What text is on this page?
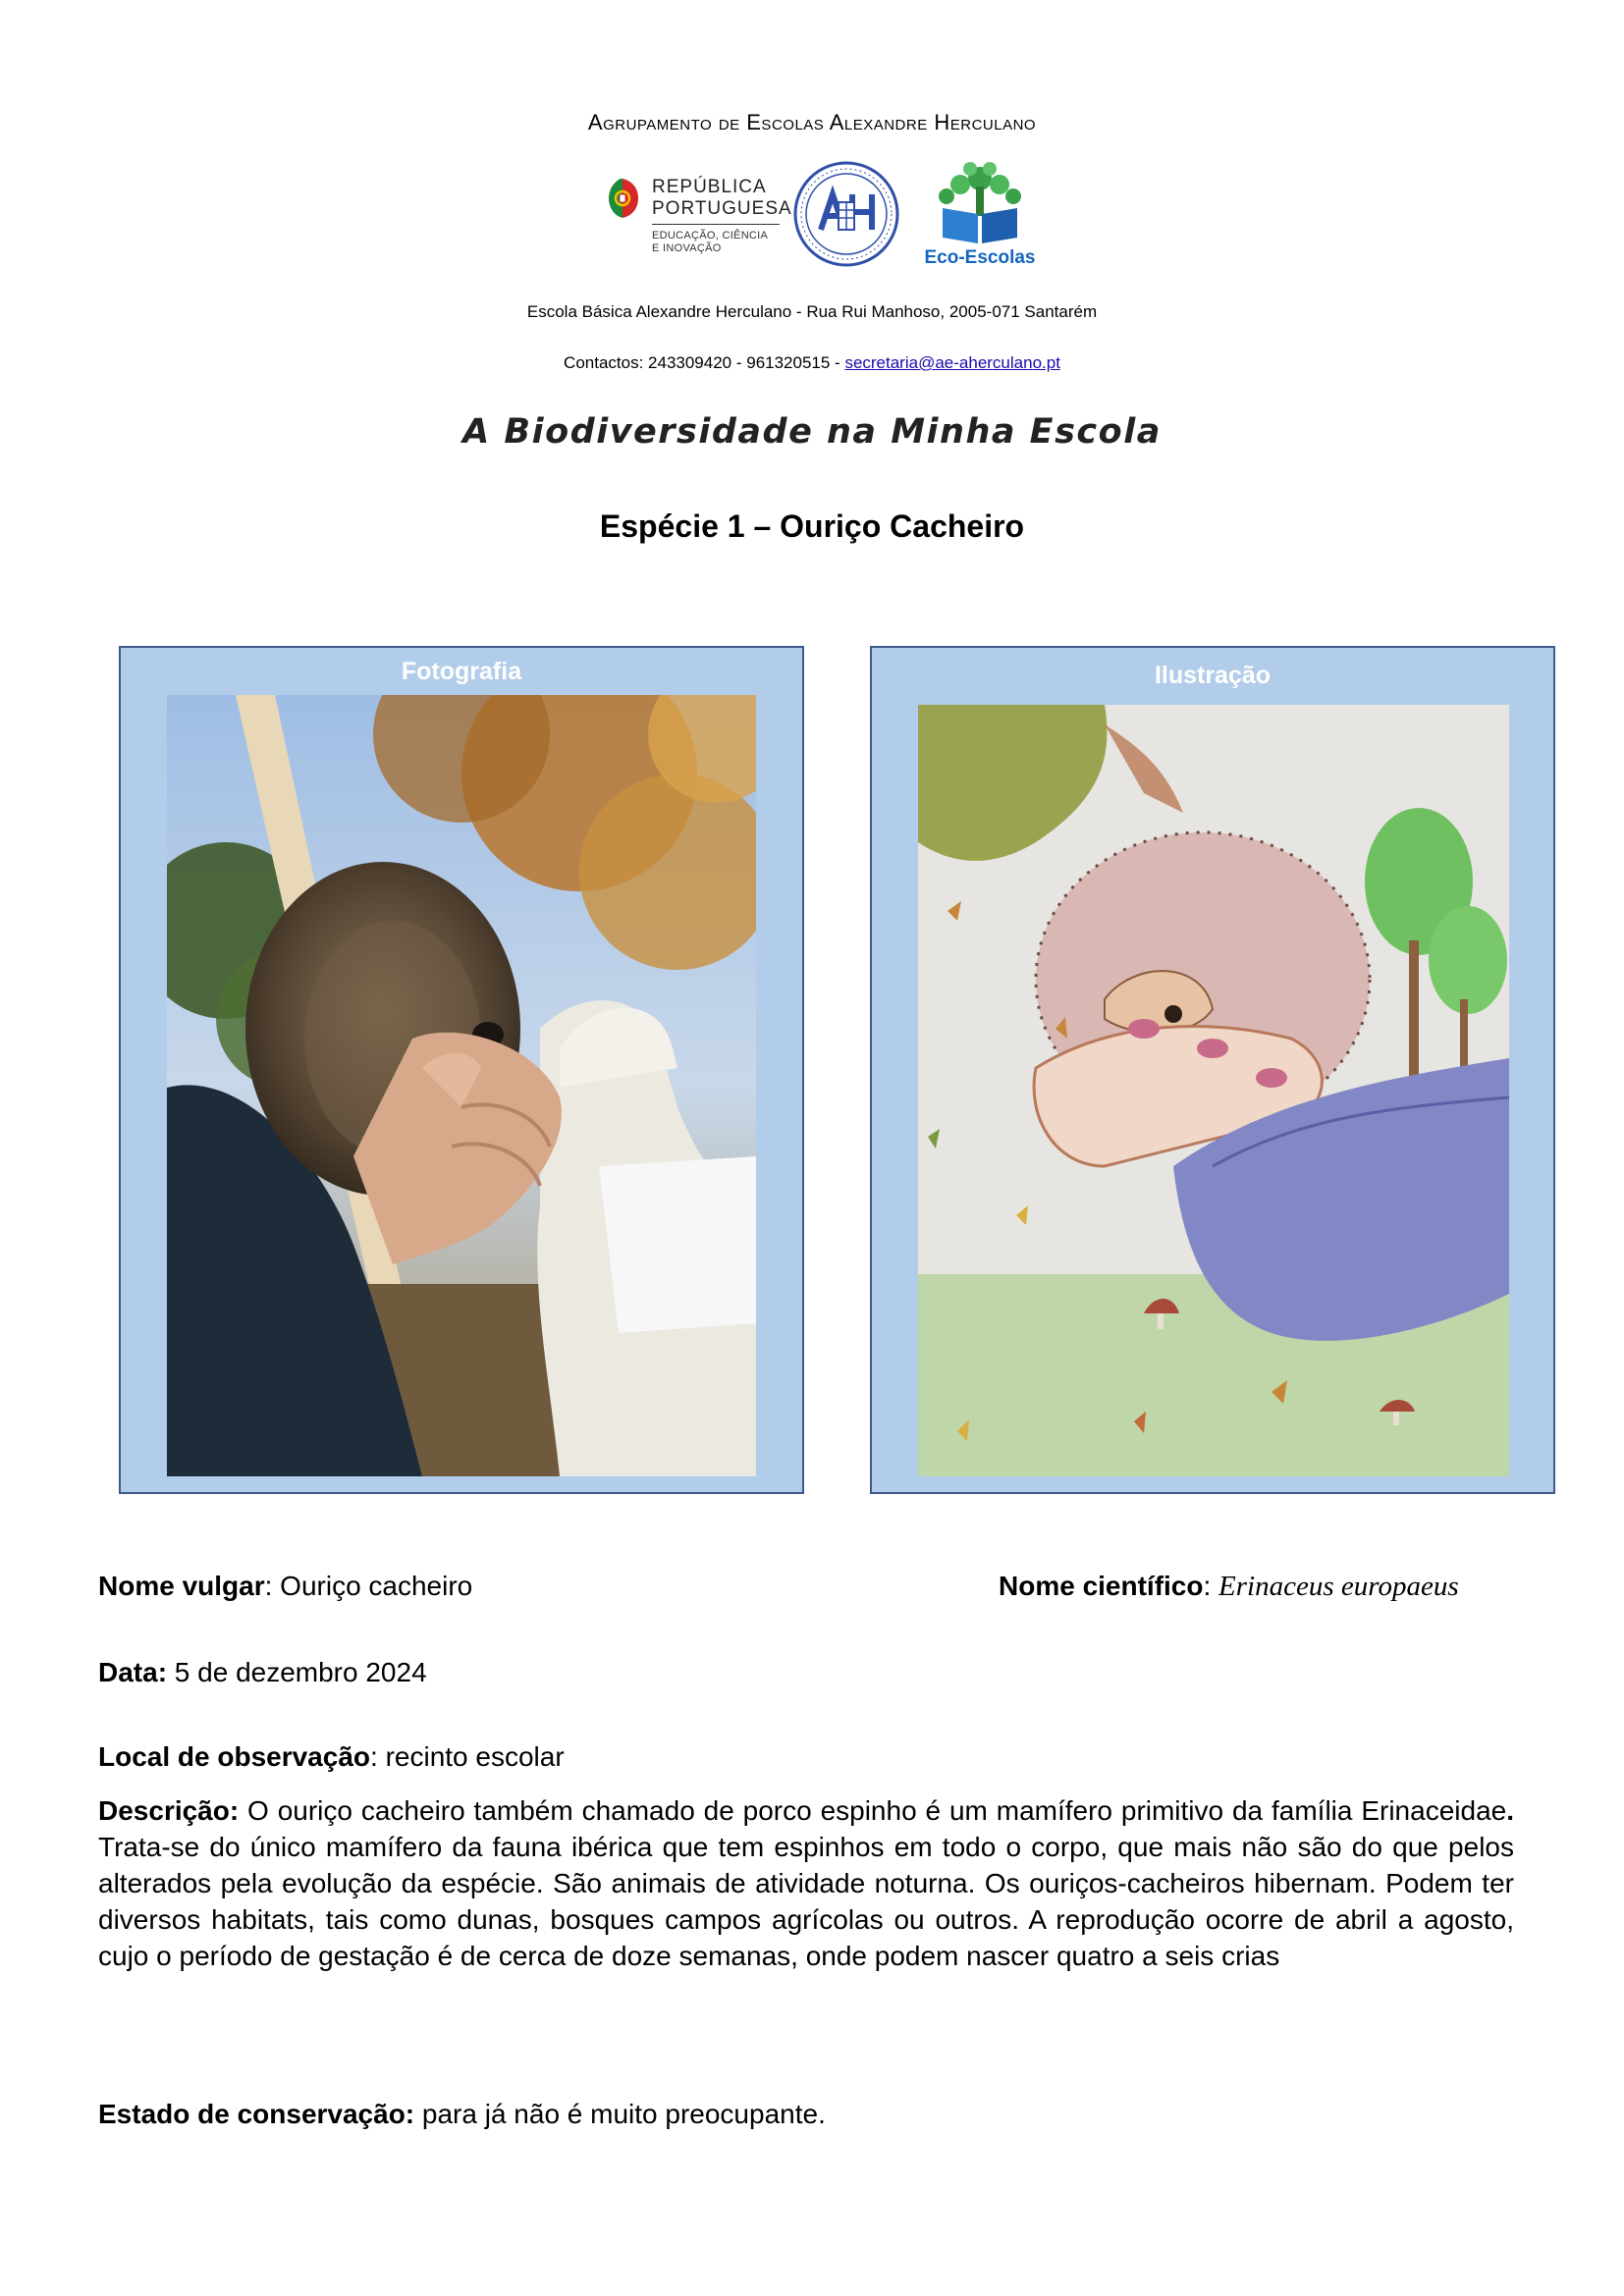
Agrupamento de Escolas Alexandre Herculano
REPÚBLICA
PORTUGUESA
EDUCAÇÃO, CIÊNCIA
E INOVAÇÃO	Eco-Escolas
Escola Básica Alexandre Herculano - Rua Rui Manhoso, 2005-071 Santarém
Contactos: 243309420 - 961320515 - secretaria@ae-aherculano.pt
A Biodiversidade na Minha Escola
Espécie 1 – Ouriço Cacheiro
Fotografia	Ilustração
Nome vulgar: Ouriço cacheiro	Nome científico: Erinaceus europaeus
Data: 5 de dezembro 2024
Local de observação: recinto escolar
Descrição: O ouriço cacheiro também chamado de porco espinho é um mamífero primitivo da família Erinaceidae. Trata-se do único mamífero da fauna ibérica que tem espinhos em todo o corpo, que mais não são do que pelos alterados pela evolução da espécie. São animais de atividade noturna. Os ouriços-cacheiros hibernam. Podem ter diversos habitats, tais como dunas, bosques campos agrícolas ou outros. A reprodução ocorre de abril a agosto, cujo o período de gestação é de cerca de doze semanas, onde podem nascer quatro a seis crias
Estado de conservação: para já não é muito preocupante.
